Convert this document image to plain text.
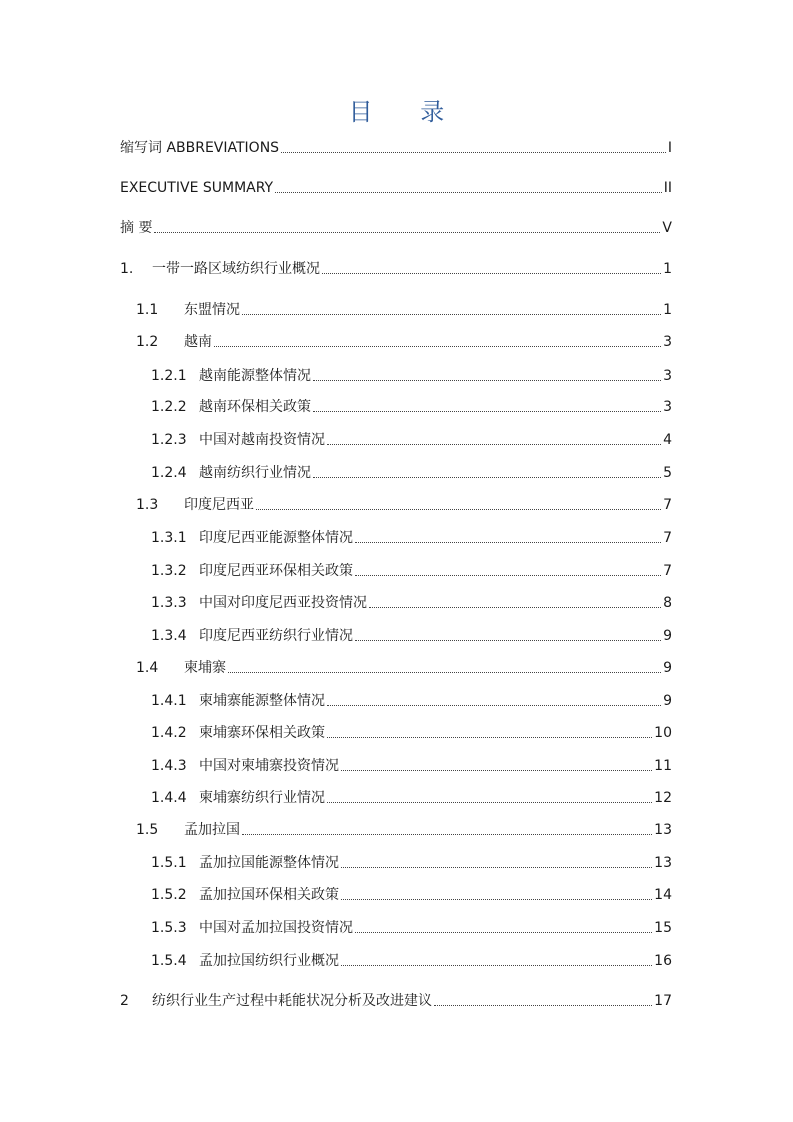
目 录
缩写词 ABBREVIATIONS	I
EXECUTIVE SUMMARY	II
摘 要	V
1.	一带一路区域纺织行业概况	1
1.1	东盟情况	1
1.2	越南	3
1.2.1 越南能源整体情况	3
1.2.2 越南环保相关政策	3
1.2.3 中国对越南投资情况	4
1.2.4 越南纺织行业情况	5
1.3	印度尼西亚	7
1.3.1 印度尼西亚能源整体情况	7
1.3.2 印度尼西亚环保相关政策	7
1.3.3 中国对印度尼西亚投资情况	8
1.3.4 印度尼西亚纺织行业情况	9
1.4	柬埔寨	9
1.4.1 柬埔寨能源整体情况	9
1.4.2 柬埔寨环保相关政策	10
1.4.3 中国对柬埔寨投资情况	11
1.4.4 柬埔寨纺织行业情况	12
1.5	孟加拉国	13
1.5.1 孟加拉国能源整体情况	13
1.5.2 孟加拉国环保相关政策	14
1.5.3 中国对孟加拉国投资情况	15
1.5.4 孟加拉国纺织行业概况	16
2	纺织行业生产过程中耗能状况分析及改进建议	17
